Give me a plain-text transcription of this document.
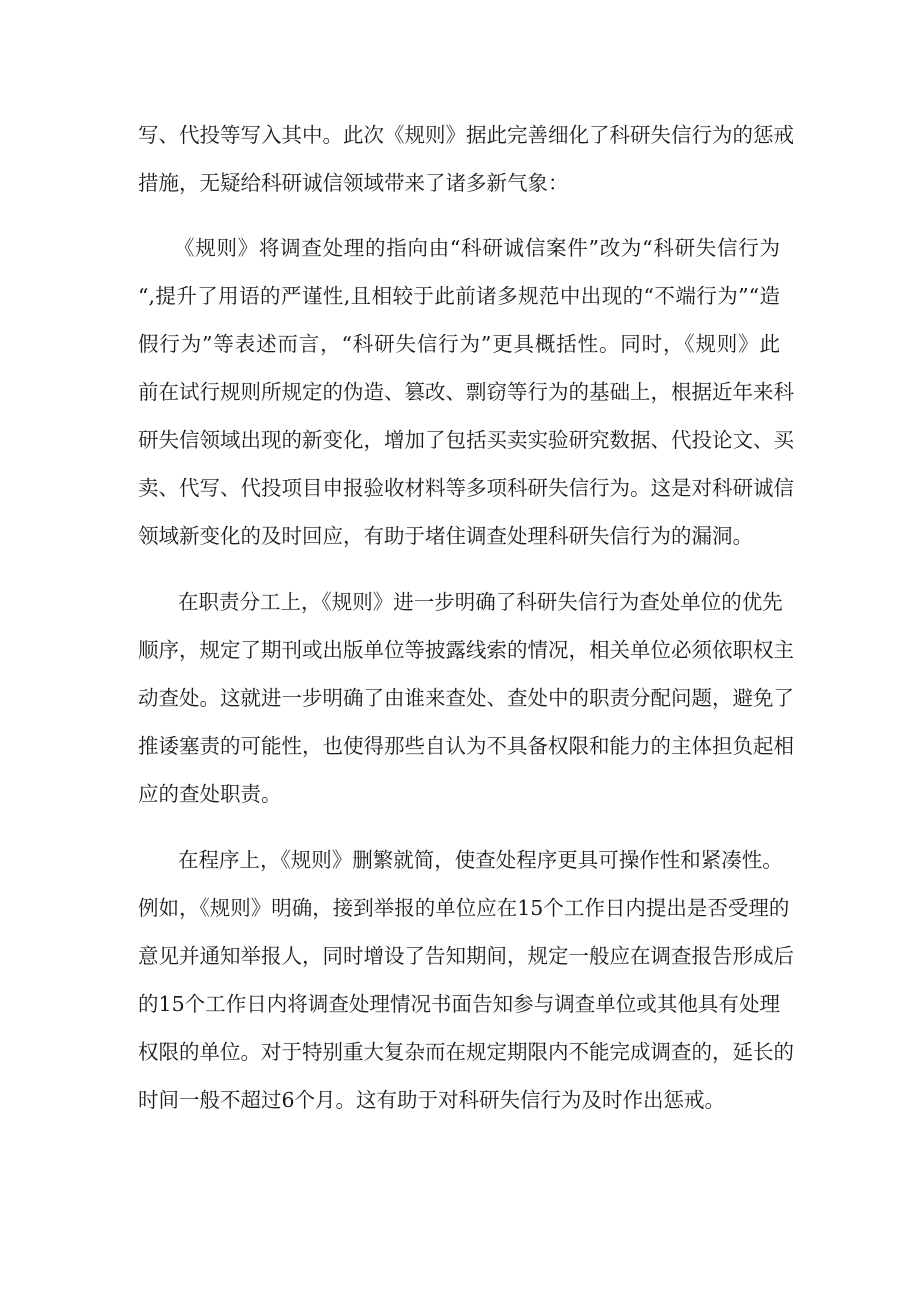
写、代投等写入其中。此次《规则》据此完善细化了科研失信行为的惩戒

措施，无疑给科研诚信领域带来了诸多新气象：

《规则》将调查处理的指向由“科研诚信案件”改为“科研失信行为

“,提升了用语的严谨性,且相较于此前诸多规范中出现的“不端行为”“造

假行为”等表述而言，“科研失信行为”更具概括性。同时，《规则》此

前在试行规则所规定的伪造、篡改、剽窃等行为的基础上，根据近年来科

研失信领域出现的新变化，增加了包括买卖实验研究数据、代投论文、买

卖、代写、代投项目申报验收材料等多项科研失信行为。这是对科研诚信

领域新变化的及时回应，有助于堵住调查处理科研失信行为的漏洞。

在职责分工上，《规则》进一步明确了科研失信行为查处单位的优先

顺序，规定了期刊或出版单位等披露线索的情况，相关单位必须依职权主

动查处。这就进一步明确了由谁来查处、查处中的职责分配问题，避免了

推诿塞责的可能性，也使得那些自认为不具备权限和能力的主体担负起相

应的查处职责。

在程序上，《规则》删繁就简，使查处程序更具可操作性和紧凑性。

例如，《规则》明确，接到举报的单位应在15个工作日内提出是否受理的

意见并通知举报人，同时增设了告知期间，规定一般应在调查报告形成后

的15个工作日内将调查处理情况书面告知参与调查单位或其他具有处理

权限的单位。对于特别重大复杂而在规定期限内不能完成调查的，延长的

时间一般不超过6个月。这有助于对科研失信行为及时作出惩戒。
